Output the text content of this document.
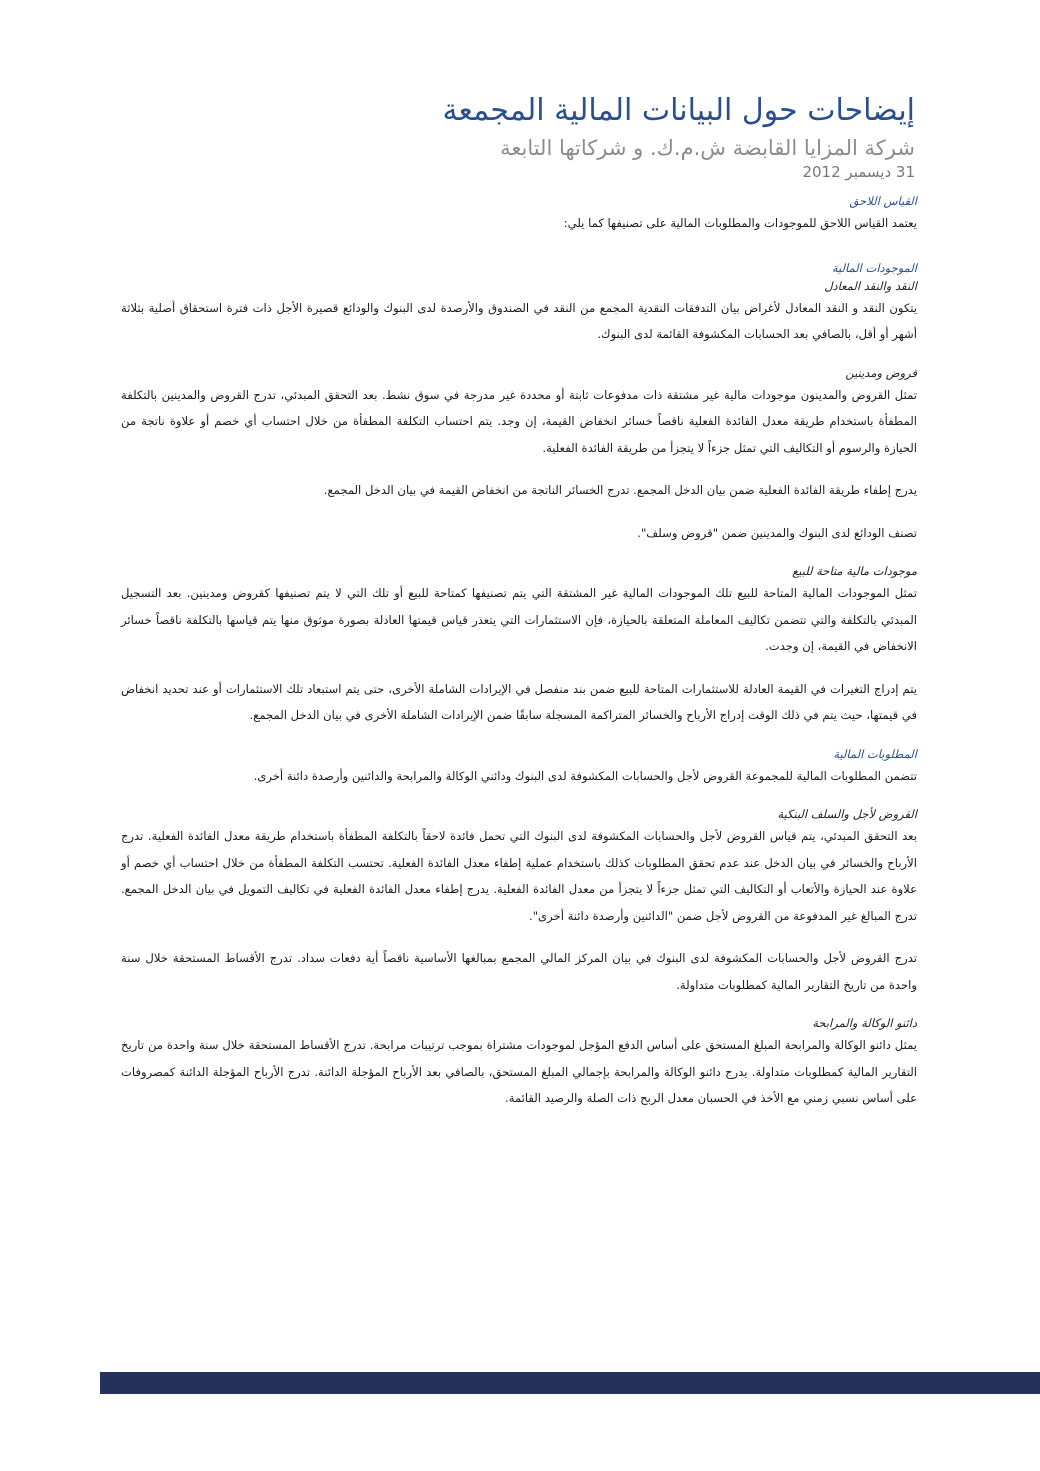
إيضاحات حول البيانات المالية المجمعة

شركة المزايا القابضة ش.م.ك. و شركاتها التابعة

31 ديسمبر 2012

القياس اللاحق

يعتمد القياس اللاحق للموجودات والمطلوبات المالية على تصنيفها كما يلي:

الموجودات المالية

النقد والنقد المعادل

يتكون النقد و النقد المعادل لأغراض بيان التدفقات النقدية المجمع من النقد في الصندوق والأرصدة لدى البنوك والودائع قصيرة الأجل ذات فترة استحقاق أصلية بثلاثة أشهر أو أقل، بالصافي بعد الحسابات المكشوفة القائمة لدى البنوك.

قروض ومدينين

تمثل القروض والمدينون موجودات مالية غير مشتقة ذات مدفوعات ثابتة أو محددة غير مدرجة في سوق نشط. بعد التحقق المبدئي، تدرج القروض والمدينين بالتكلفة المطفأة باستخدام طريقة معدل الفائدة الفعلية ناقصاً خسائر انخفاض القيمة، إن وجد. يتم احتساب التكلفة المطفأة من خلال احتساب أي خصم أو علاوة ناتجة من الحيازة والرسوم أو التكاليف التي تمثل جزءاً لا يتجزأ من طريقة الفائدة الفعلية.

يدرج إطفاء طريقة الفائدة الفعلية ضمن بيان الدخل المجمع. تدرج الخسائر الناتجة من انخفاض القيمة في بيان الدخل المجمع.

تصنف الودائع لدى البنوك والمدينين ضمن "قروض وسلف".

موجودات مالية متاحة للبيع

تمثل الموجودات المالية المتاحة للبيع تلك الموجودات المالية غير المشتقة التي يتم تصنيفها كمتاحة للبيع أو تلك التي لا يتم تصنيفها كقروض ومدينين. بعد التسجيل المبدئي بالتكلفة والتي تتضمن تكاليف المعاملة المتعلقة بالحيازة، فإن الاستثمارات التي يتعذر قياس قيمتها العادلة بصورة موثوق منها يتم قياسها بالتكلفة ناقصاً خسائر الانخفاض في القيمة، إن وجدت.

يتم إدراج التغيرات في القيمة العادلة للاستثمارات المتاحة للبيع ضمن بند منفصل في الإيرادات الشاملة الأخرى، حتى يتم استبعاد تلك الاستثمارات أو عند تحديد انخفاض في قيمتها، حيث يتم في ذلك الوقت إدراج الأرباح والخسائر المتراكمة المسجلة سابقًا ضمن الإيرادات الشاملة الأخرى في بيان الدخل المجمع.

المطلوبات المالية

تتضمن المطلوبات المالية للمجموعة القروض لأجل والحسابات المكشوفة لدى البنوك ودائني الوكالة والمرابحة والدائنين وأرصدة دائنة أخرى.

القروض لأجل والسلف البنكية

بعد التحقق المبدئي، يتم قياس القروض لأجل والحسابات المكشوفة لدى البنوك التي تحمل فائدة لاحقاً بالتكلفة المطفأة باستخدام طريقة معدل الفائدة الفعلية. تدرج الأرباح والخسائر في بيان الدخل عند عدم تحقق المطلوبات كذلك باستخدام عملية إطفاء معدل الفائدة الفعلية. تحتسب التكلفة المطفأة من خلال احتساب أي خصم أو علاوة عند الحيازة والأتعاب أو التكاليف التي تمثل جزءاً لا يتجزأ من معدل الفائدة الفعلية. يدرج إطفاء معدل الفائدة الفعلية في تكاليف التمويل في بيان الدخل المجمع. تدرج المبالغ غير المدفوعة من القروض لأجل ضمن "الدائنين وأرصدة دائنة أخرى".

تدرج القروض لأجل والحسابات المكشوفة لدى البنوك في بيان المركز المالي المجمع بمبالغها الأساسية ناقصاً أية دفعات سداد. تدرج الأقساط المستحقة خلال سنة واحدة من تاريخ التقارير المالية كمطلوبات متداولة.

دائنو الوكالة والمرابحة

يمثل دائنو الوكالة والمرابحة المبلغ المستحق على أساس الدفع المؤجل لموجودات مشتراة بموجب ترتيبات مرابحة. تدرج الأقساط المستحقة خلال سنة واحدة من تاريخ التقارير المالية كمطلوبات متداولة. يدرج دائنو الوكالة والمرابحة بإجمالي المبلغ المستحق، بالصافي بعد الأرباح المؤجلة الدائنة. تدرج الأرباح المؤجلة الدائنة كمصروفات على أساس نسبي زمني مع الأخذ في الحسبان معدل الربح ذات الصلة والرصيد القائمة.
